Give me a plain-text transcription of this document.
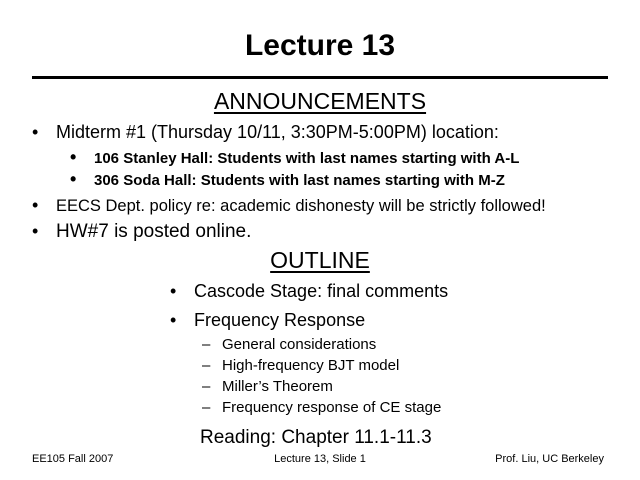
Lecture 13
ANNOUNCEMENTS
• Midterm #1 (Thursday 10/11, 3:30PM-5:00PM) location:
• 106 Stanley Hall: Students with last names starting with A-L
• 306 Soda Hall: Students with last names starting with M-Z
• EECS Dept. policy re: academic dishonesty will be strictly followed!
• HW#7 is posted online.
OUTLINE
• Cascode Stage: final comments
• Frequency Response
– General considerations
– High-frequency BJT model
– Miller’s Theorem
– Frequency response of CE stage
Reading: Chapter 11.1-11.3
EE105 Fall 2007	Lecture 13, Slide 1	Prof. Liu, UC Berkeley
